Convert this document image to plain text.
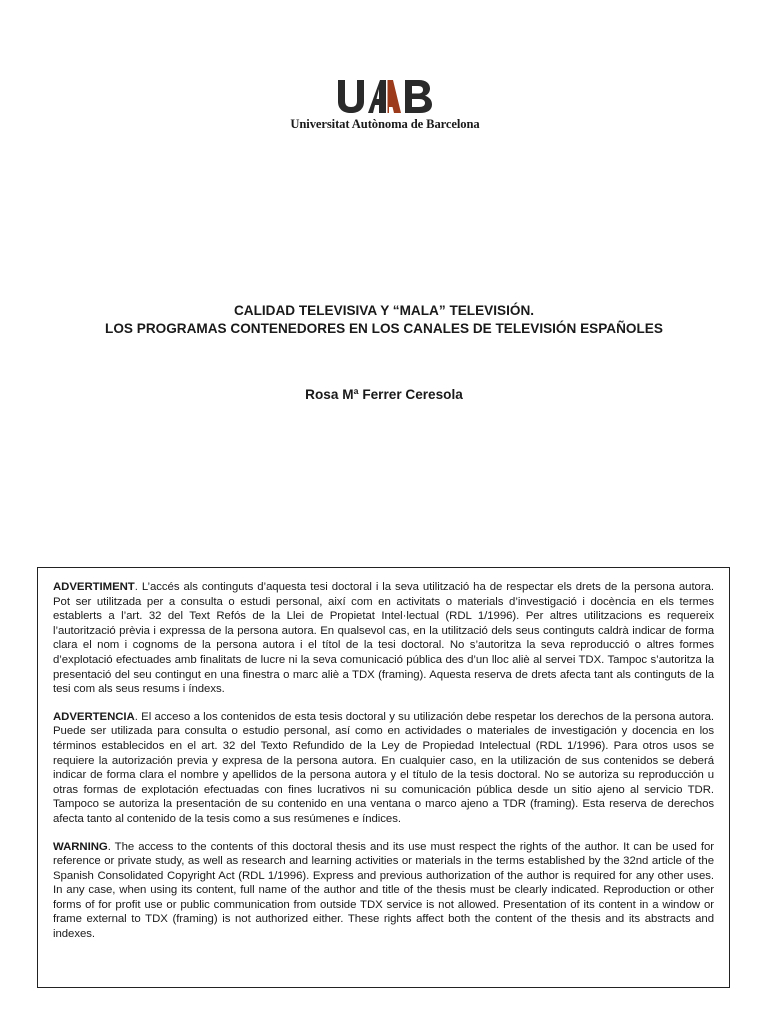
Universitat Autònoma de Barcelona
CALIDAD TELEVISIVA Y “MALA” TELEVISIÓN.
LOS PROGRAMAS CONTENEDORES EN LOS CANALES DE TELEVISIÓN ESPAÑOLES
Rosa Mª Ferrer Ceresola

ADVERTIMENT. L’accés als continguts d’aquesta tesi doctoral i la seva utilització ha de respectar els drets de la persona autora. Pot ser utilitzada per a consulta o estudi personal, així com en activitats o materials d’investigació i docència en els termes establerts a l’art. 32 del Text Refós de la Llei de Propietat Intel·lectual (RDL 1/1996). Per altres utilitzacions es requereix l’autorització prèvia i expressa de la persona autora. En qualsevol cas, en la utilització dels seus continguts caldrà indicar de forma clara el nom i cognoms de la persona autora i el títol de la tesi doctoral. No s’autoritza la seva reproducció o altres formes d’explotació efectuades amb finalitats de lucre ni la seva comunicació pública des d’un lloc aliè al servei TDX. Tampoc s’autoritza la presentació del seu contingut en una finestra o marc aliè a TDX (framing). Aquesta reserva de drets afecta tant als continguts de la tesi com als seus resums i índexs.

ADVERTENCIA. El acceso a los contenidos de esta tesis doctoral y su utilización debe respetar los derechos de la persona autora. Puede ser utilizada para consulta o estudio personal, así como en actividades o materiales de investigación y docencia en los términos establecidos en el art. 32 del Texto Refundido de la Ley de Propiedad Intelectual (RDL 1/1996). Para otros usos se requiere la autorización previa y expresa de la persona autora. En cualquier caso, en la utilización de sus contenidos se deberá indicar de forma clara el nombre y apellidos de la persona autora y el título de la tesis doctoral. No se autoriza su reproducción u otras formas de explotación efectuadas con fines lucrativos ni su comunicación pública desde un sitio ajeno al servicio TDR. Tampoco se autoriza la presentación de su contenido en una ventana o marco ajeno a TDR (framing). Esta reserva de derechos afecta tanto al contenido de la tesis como a sus resúmenes e índices.

WARNING. The access to the contents of this doctoral thesis and its use must respect the rights of the author. It can be used for reference or private study, as well as research and learning activities or materials in the terms established by the 32nd article of the Spanish Consolidated Copyright Act (RDL 1/1996). Express and previous authorization of the author is required for any other uses. In any case, when using its content, full name of the author and title of the thesis must be clearly indicated. Reproduction or other forms of for profit use or public communication from outside TDX service is not allowed. Presentation of its content in a window or frame external to TDX (framing) is not authorized either. These rights affect both the content of the thesis and its abstracts and indexes.
